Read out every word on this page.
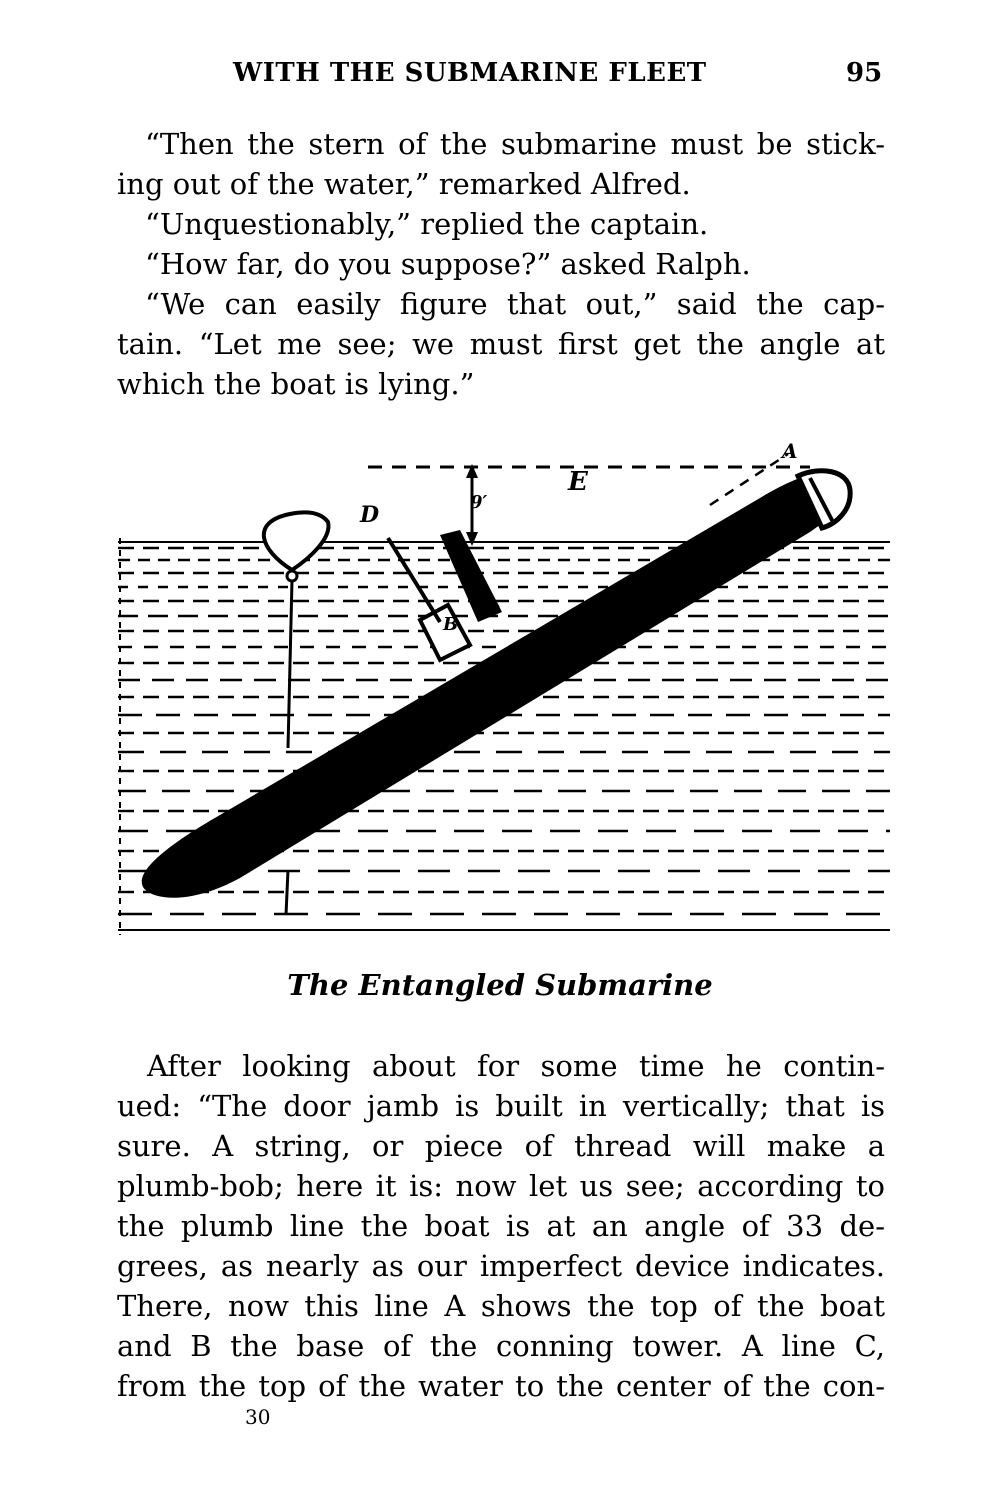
WITH THE SUBMARINE FLEET	95
“Then the stern of the submarine must be stick-
ing out of the water,” remarked Alfred.
“Unquestionably,” replied the captain.
“How far, do you suppose?” asked Ralph.
“We can easily figure that out,” said the cap-
tain. “Let me see; we must first get the angle at
which the boat is lying.”
D
E
A
B
9′
The Entangled Submarine
After looking about for some time he contin-
ued: “The door jamb is built in vertically; that is
sure. A string, or piece of thread will make a
plumb-bob; here it is: now let us see; according to
the plumb line the boat is at an angle of 33 de-
grees, as nearly as our imperfect device indicates.
There, now this line A shows the top of the boat
and B the base of the conning tower. A line C,
from the top of the water to the center of the con-
30
